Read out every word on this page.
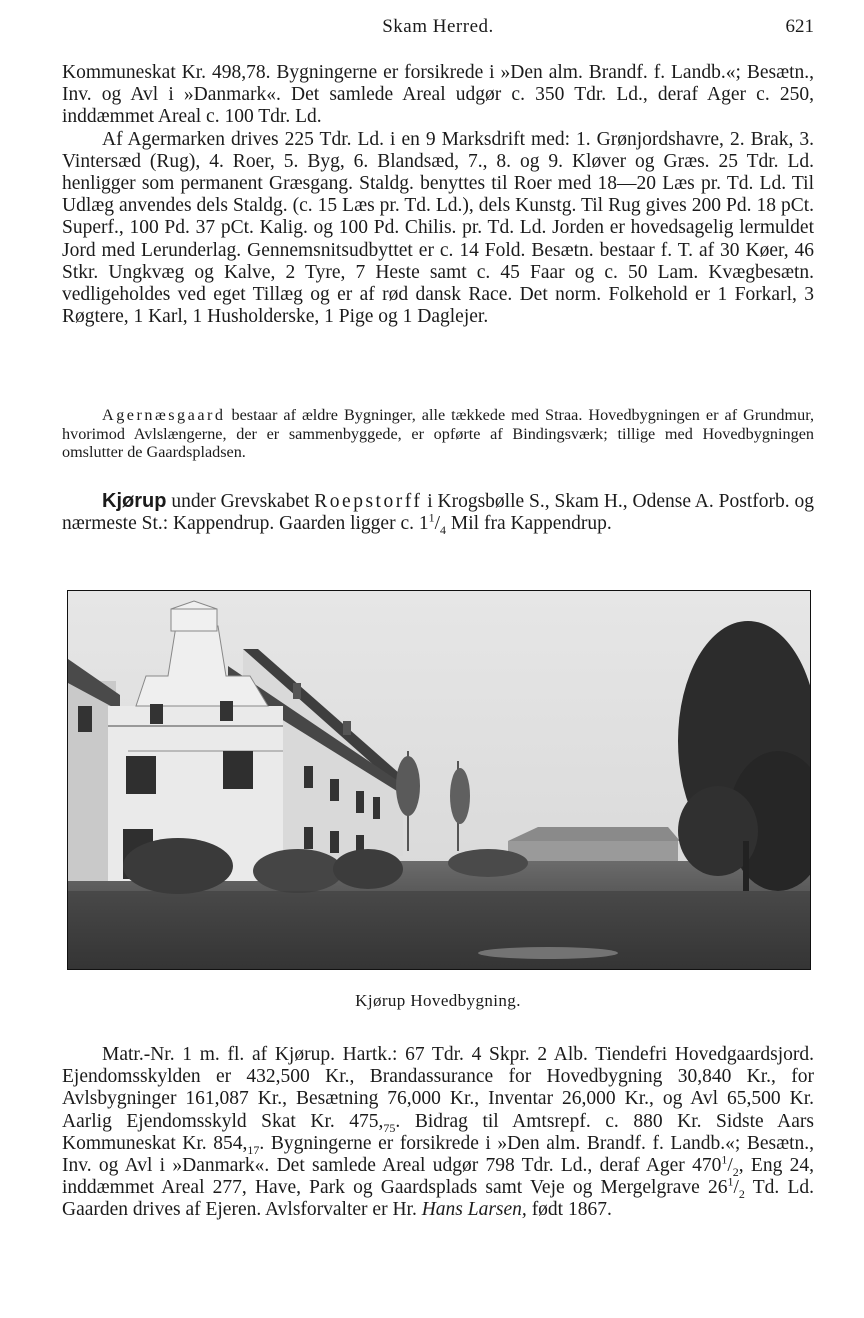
Skam Herred.	621

Kommuneskat Kr. 498,78. Bygningerne er forsikrede i »Den alm. Brandf. f. Landb.«; Besætn., Inv. og Avl i »Danmark«. Det samlede Areal udgør c. 350 Tdr. Ld., deraf Ager c. 250, inddæmmet Areal c. 100 Tdr. Ld.

Af Agermarken drives 225 Tdr. Ld. i en 9 Marksdrift med: 1. Grønjordshavre, 2. Brak, 3. Vintersæd (Rug), 4. Roer, 5. Byg, 6. Blandsæd, 7., 8. og 9. Kløver og Græs. 25 Tdr. Ld. henligger som permanent Græsgang. Staldg. benyttes til Roer med 18—20 Læs pr. Td. Ld. Til Udlæg anvendes dels Staldg. (c. 15 Læs pr. Td. Ld.), dels Kunstg. Til Rug gives 200 Pd. 18 pCt. Superf., 100 Pd. 37 pCt. Kalig. og 100 Pd. Chilis. pr. Td. Ld. Jorden er hovedsagelig lermuldet Jord med Lerunderlag. Gennemsnitsudbyttet er c. 14 Fold. Besætn. bestaar f. T. af 30 Køer, 46 Stkr. Ungkvæg og Kalve, 2 Tyre, 7 Heste samt c. 45 Faar og c. 50 Lam. Kvægbesætn. vedligeholdes ved eget Tillæg og er af rød dansk Race. Det norm. Folkehold er 1 Forkarl, 3 Røgtere, 1 Karl, 1 Husholderske, 1 Pige og 1 Daglejer.

Agernæsgaard bestaar af ældre Bygninger, alle tækkede med Straa. Hovedbygningen er af Grundmur, hvorimod Avlslængerne, der er sammenbyggede, er opførte af Bindingsværk; tillige med Hovedbygningen omslutter de Gaardspladsen.

Kjørup under Grevskabet Roepstorff i Krogsbølle S., Skam H., Odense A. Postforb. og nærmeste St.: Kappendrup. Gaarden ligger c. $1^1/_4$ Mil fra Kappendrup.

Kjørup Hovedbygning.

Matr.-Nr. 1 m. fl. af Kjørup. Hartk.: 67 Tdr. 4 Skpr. 2 Alb. Tiendefri Hovedgaardsjord. Ejendomsskylden er 432,500 Kr., Brandassurance for Hovedbygning 30,840 Kr., for Avlsbygninger 161,087 Kr., Besætning 76,000 Kr., Inventar 26,000 Kr., og Avl 65,500 Kr. Aarlig Ejendomsskyld Skat Kr. $475,_{75}$. Bidrag til Amtsrepf. c. 880 Kr. Sidste Aars Kommuneskat Kr. $854,_{17}$. Bygningerne er forsikrede i »Den alm. Brandf. f. Landb.«; Besætn., Inv. og Avl i »Danmark«. Det samlede Areal udgør 798 Tdr. Ld., deraf Ager $470^1/_2$, Eng 24, inddæmmet Areal 277, Have, Park og Gaardsplads samt Veje og Mergelgrave $26^1/_2$ Td. Ld. Gaarden drives af Ejeren. Avlsforvalter er Hr. Hans Larsen, født 1867.
